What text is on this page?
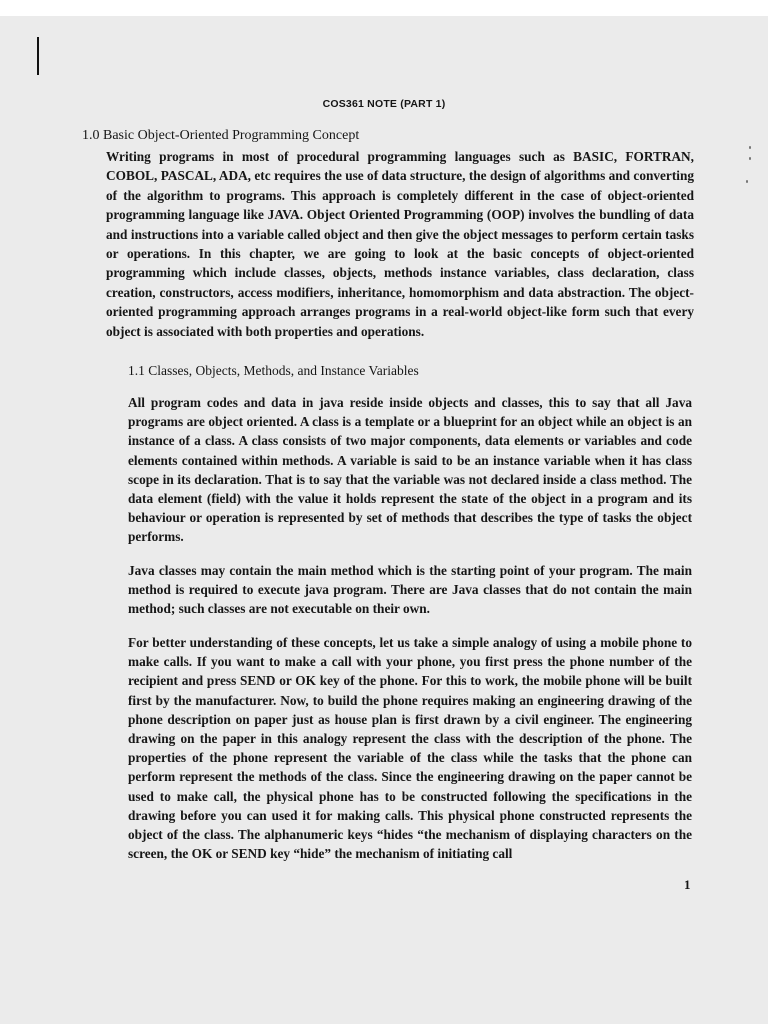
COS361 NOTE (PART 1)
1.0 Basic Object-Oriented Programming Concept

Writing programs in most of procedural programming languages such as BASIC, FORTRAN, COBOL, PASCAL, ADA, etc requires the use of data structure, the design of algorithms and converting of the algorithm to programs. This approach is completely different in the case of object-oriented programming language like JAVA. Object Oriented Programming (OOP) involves the bundling of data and instructions into a variable called object and then give the object messages to perform certain tasks or operations. In this chapter, we are going to look at the basic concepts of object-oriented programming which include classes, objects, methods instance variables, class declaration, class creation, constructors, access modifiers, inheritance, homomorphism and data abstraction. The object-oriented programming approach arranges programs in a real-world object-like form such that every object is associated with both properties and operations.

1.1 Classes, Objects, Methods, and Instance Variables

All program codes and data in java reside inside objects and classes, this to say that all Java programs are object oriented. A class is a template or a blueprint for an object while an object is an instance of a class. A class consists of two major components, data elements or variables and code elements contained within methods. A variable is said to be an instance variable when it has class scope in its declaration. That is to say that the variable was not declared inside a class method. The data element (field) with the value it holds represent the state of the object in a program and its behaviour or operation is represented by set of methods that describes the type of tasks the object performs.

Java classes may contain the main method which is the starting point of your program. The main method is required to execute java program. There are Java classes that do not contain the main method; such classes are not executable on their own.

For better understanding of these concepts, let us take a simple analogy of using a mobile phone to make calls. If you want to make a call with your phone, you first press the phone number of the recipient and press SEND or OK key of the phone. For this to work, the mobile phone will be built first by the manufacturer. Now, to build the phone requires making an engineering drawing of the phone description on paper just as house plan is first drawn by a civil engineer. The engineering drawing on the paper in this analogy represent the class with the description of the phone. The properties of the phone represent the variable of the class while the tasks that the phone can perform represent the methods of the class. Since the engineering drawing on the paper cannot be used to make call, the physical phone has to be constructed following the specifications in the drawing before you can used it for making calls. This physical phone constructed represents the object of the class. The alphanumeric keys “hides “the mechanism of displaying characters on the screen, the OK or SEND key “hide” the mechanism of initiating call

1
